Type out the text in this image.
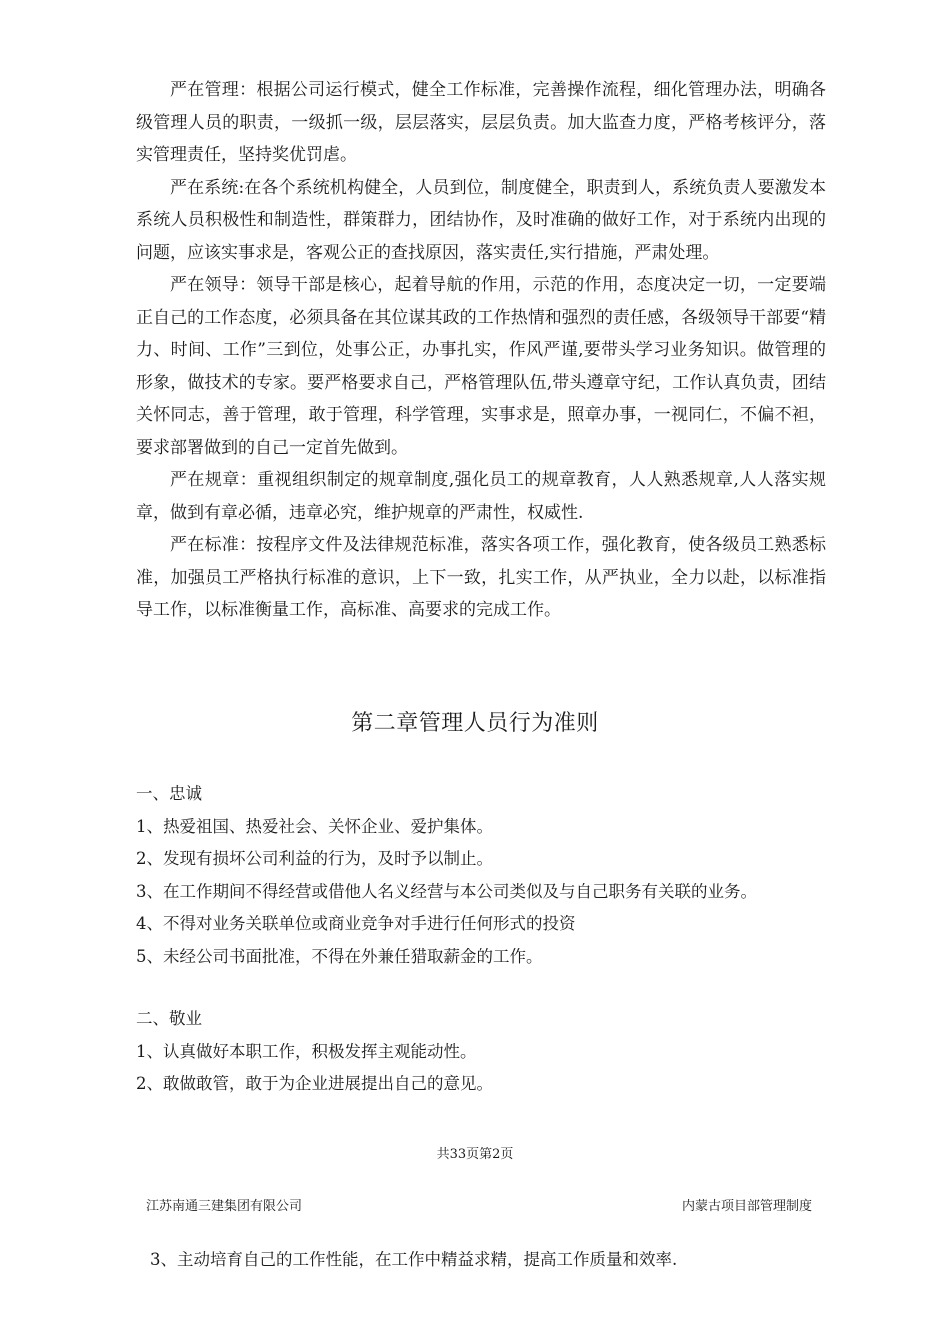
严在管理：根据公司运行模式，健全工作标准，完善操作流程，细化管理办法，明确各级管理人员的职责，一级抓一级，层层落实，层层负责。加大监查力度，严格考核评分，落实管理责任，坚持奖优罚虐。

严在系统:在各个系统机构健全，人员到位，制度健全，职责到人，系统负责人要激发本系统人员积极性和制造性，群策群力，团结协作，及时准确的做好工作，对于系统内出现的问题，应该实事求是，客观公正的查找原因，落实责任,实行措施，严肃处理。

严在领导：领导干部是核心，起着导航的作用，示范的作用，态度决定一切，一定要端正自己的工作态度，必须具备在其位谋其政的工作热情和强烈的责任感，各级领导干部要“精力、时间、工作”三到位，处事公正，办事扎实，作风严谨,要带头学习业务知识。做管理的形象，做技术的专家。要严格要求自己，严格管理队伍,带头遵章守纪，工作认真负责，团结关怀同志，善于管理，敢于管理，科学管理，实事求是，照章办事，一视同仁，不偏不袒，要求部署做到的自己一定首先做到。

严在规章：重视组织制定的规章制度,强化员工的规章教育，人人熟悉规章,人人落实规章，做到有章必循，违章必究，维护规章的严肃性，权威性.

严在标准：按程序文件及法律规范标准，落实各项工作，强化教育，使各级员工熟悉标准，加强员工严格执行标准的意识，上下一致，扎实工作，从严执业，全力以赴，以标准指导工作，以标准衡量工作，高标准、高要求的完成工作。

第二章管理人员行为准则
一、忠诚
1、热爱祖国、热爱社会、关怀企业、爱护集体。
2、发现有损坏公司利益的行为，及时予以制止。
3、在工作期间不得经营或借他人名义经营与本公司类似及与自己职务有关联的业务。
4、不得对业务关联单位或商业竞争对手进行任何形式的投资
5、未经公司书面批准，不得在外兼任猎取薪金的工作。
二、敬业
1、认真做好本职工作，积极发挥主观能动性。
2、敢做敢管，敢于为企业进展提出自己的意见。
共33页第2页
江苏南通三建集团有限公司	内蒙古项目部管理制度
3、主动培育自己的工作性能，在工作中精益求精，提高工作质量和效率.
